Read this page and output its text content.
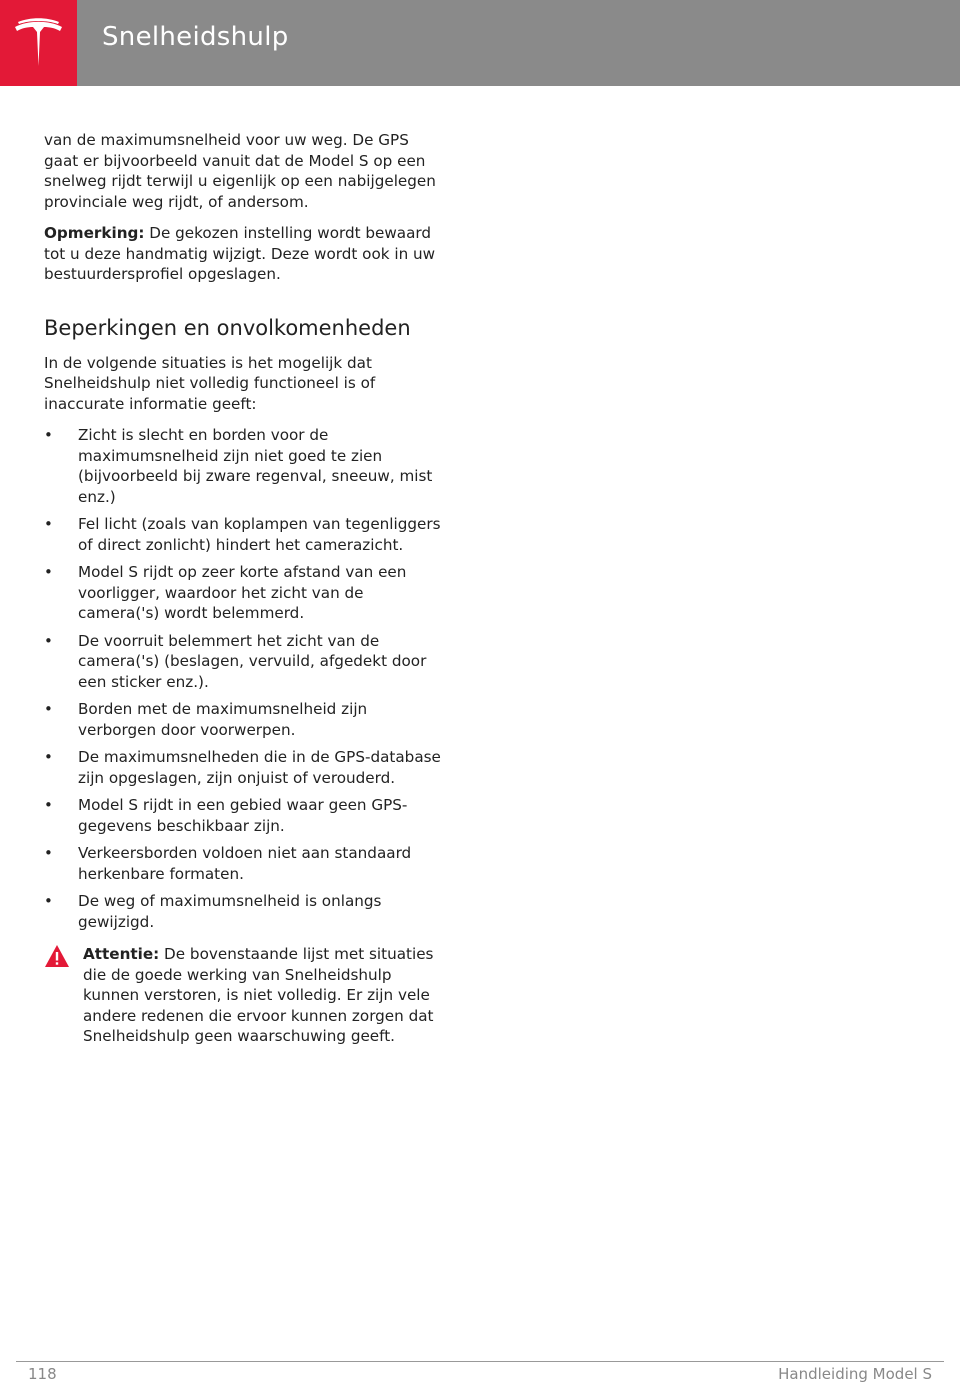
Snelheidshulp

van de maximumsnelheid voor uw weg. De GPS gaat er bijvoorbeeld vanuit dat de Model S op een snelweg rijdt terwijl u eigenlijk op een nabijgelegen provinciale weg rijdt, of andersom.

Opmerking: De gekozen instelling wordt bewaard tot u deze handmatig wijzigt. Deze wordt ook in uw bestuurdersprofiel opgeslagen.

Beperkingen en onvolkomenheden

In de volgende situaties is het mogelijk dat Snelheidshulp niet volledig functioneel is of inaccurate informatie geeft:

• Zicht is slecht en borden voor de maximumsnelheid zijn niet goed te zien (bijvoorbeeld bij zware regenval, sneeuw, mist enz.)
• Fel licht (zoals van koplampen van tegenliggers of direct zonlicht) hindert het camerazicht.
• Model S rijdt op zeer korte afstand van een voorligger, waardoor het zicht van de camera('s) wordt belemmerd.
• De voorruit belemmert het zicht van de camera('s) (beslagen, vervuild, afgedekt door een sticker enz.).
• Borden met de maximumsnelheid zijn verborgen door voorwerpen.
• De maximumsnelheden die in de GPS-database zijn opgeslagen, zijn onjuist of verouderd.
• Model S rijdt in een gebied waar geen GPS-gegevens beschikbaar zijn.
• Verkeersborden voldoen niet aan standaard herkenbare formaten.
• De weg of maximumsnelheid is onlangs gewijzigd.
Attentie: De bovenstaande lijst met situaties die de goede werking van Snelheidshulp kunnen verstoren, is niet volledig. Er zijn vele andere redenen die ervoor kunnen zorgen dat Snelheidshulp geen waarschuwing geeft.
118	Handleiding Model S
